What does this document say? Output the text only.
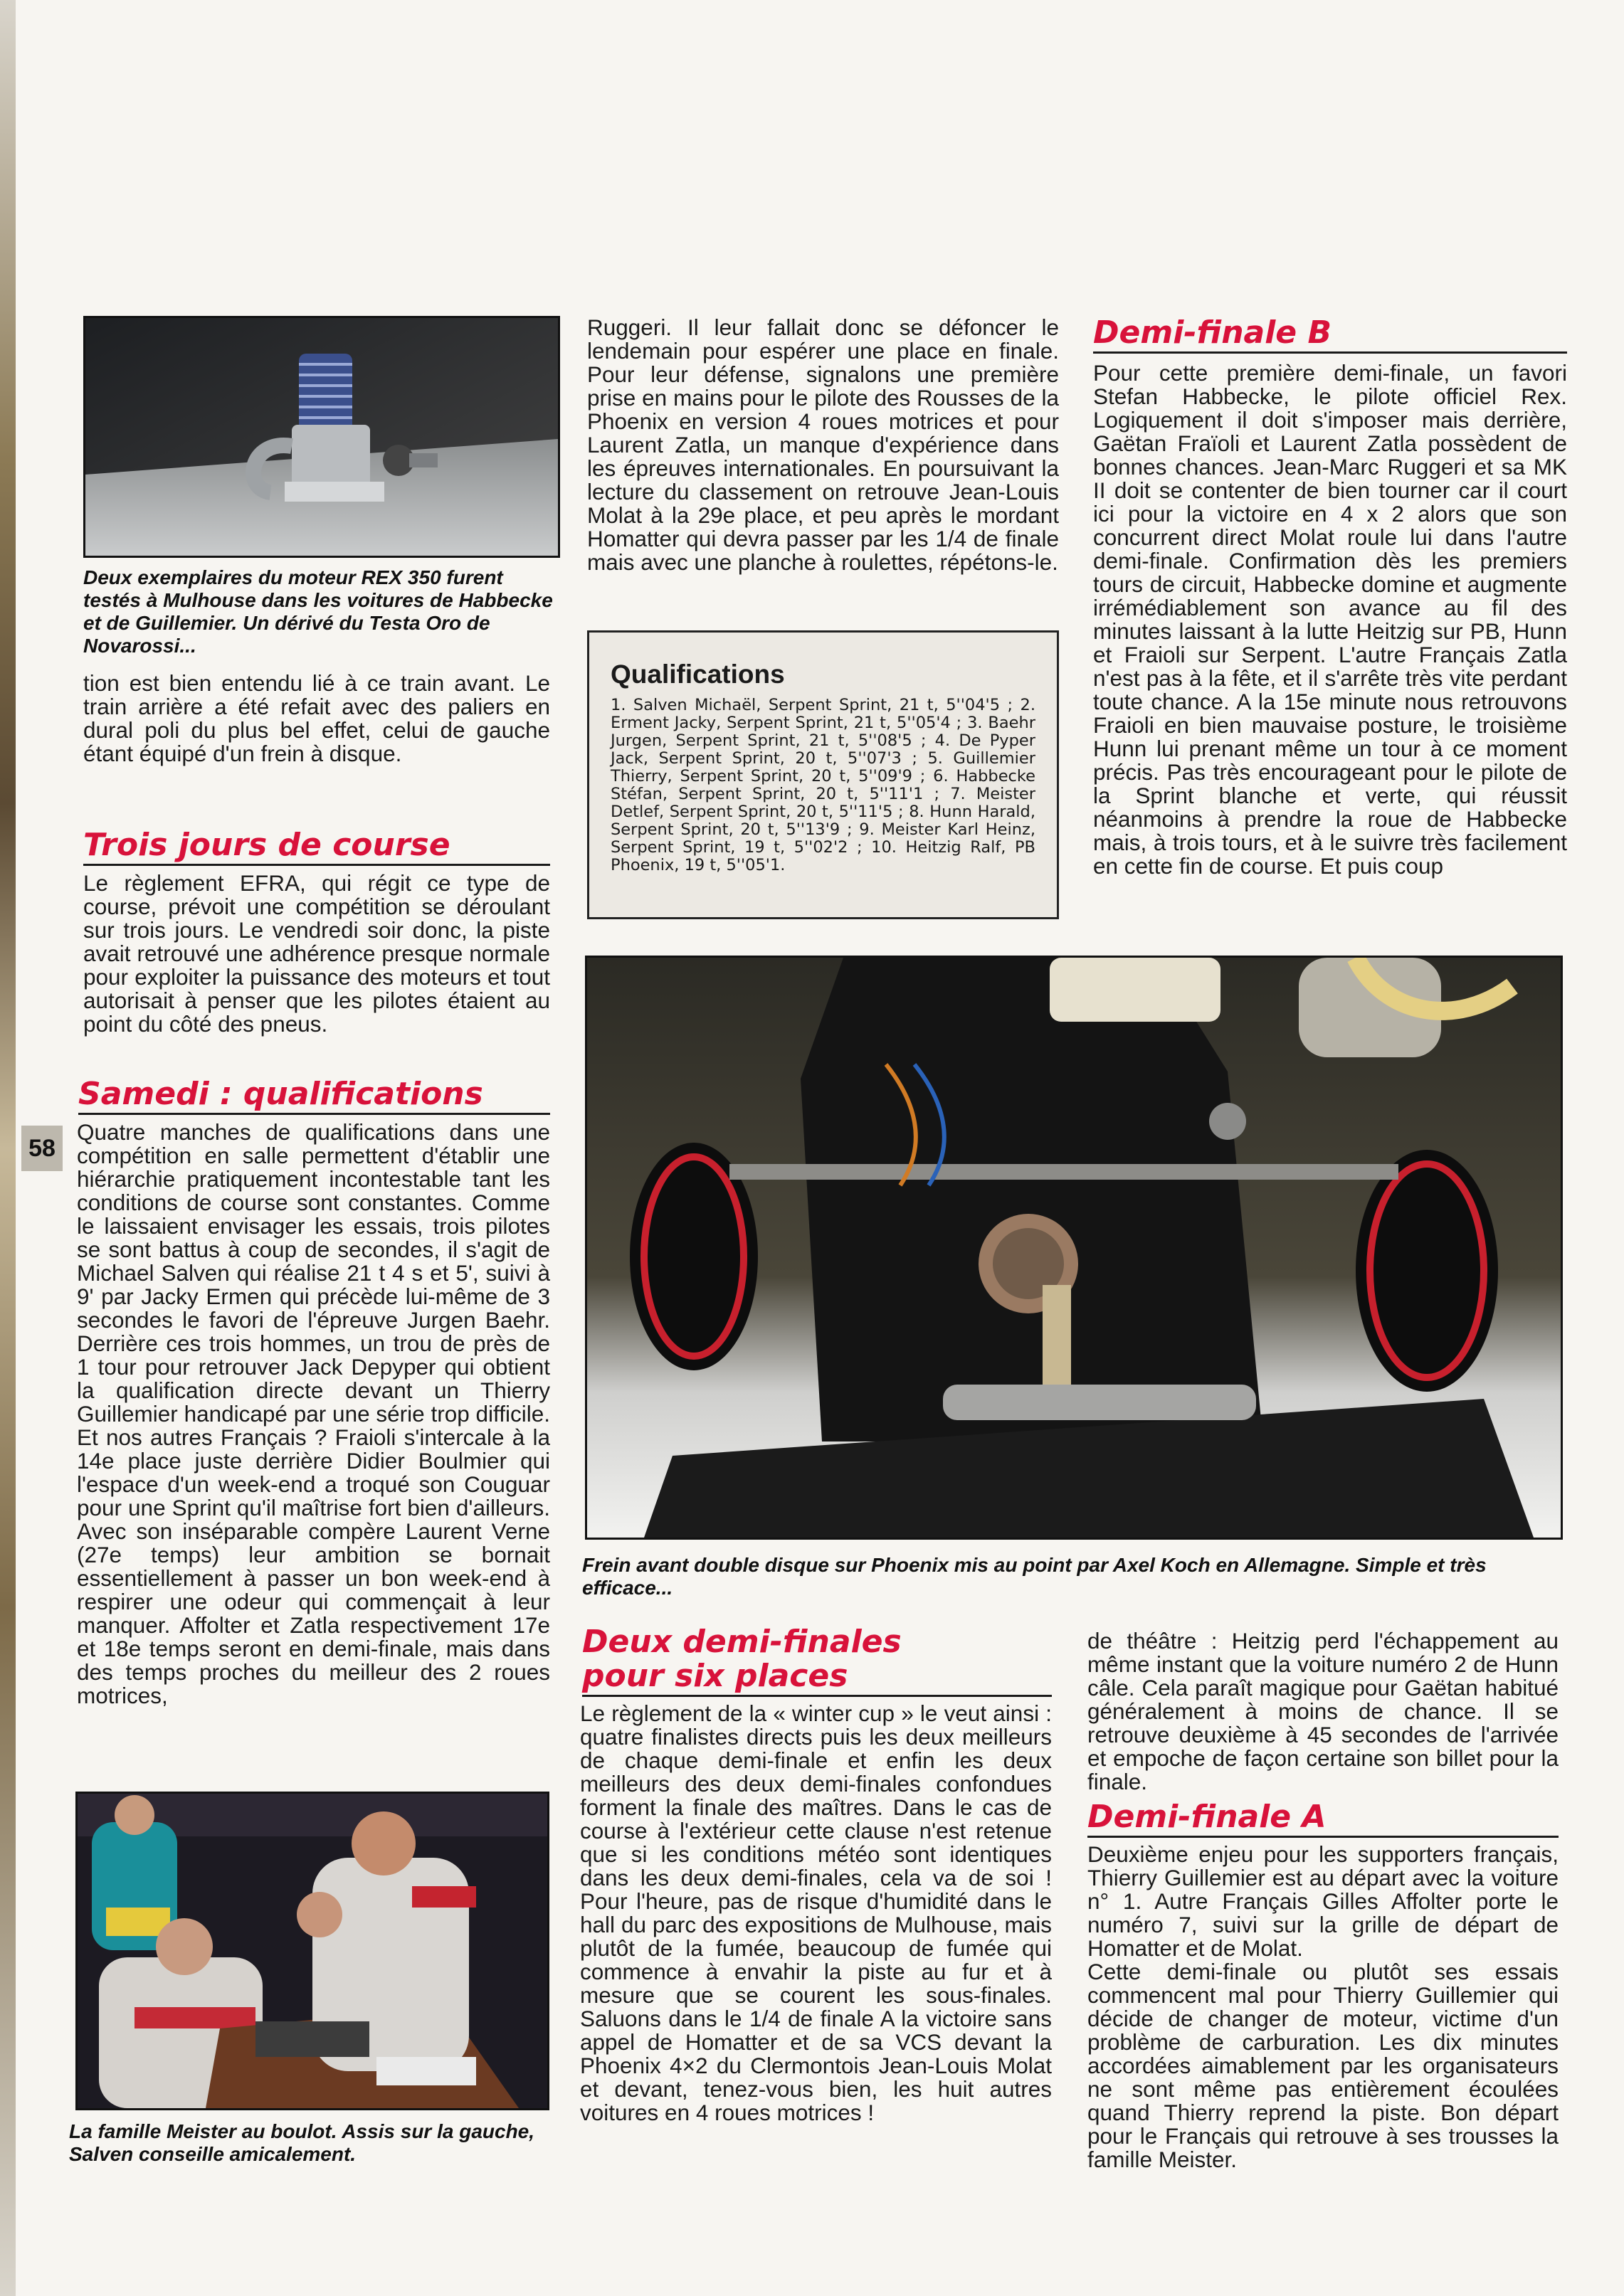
Deux exemplaires du moteur REX 350 furent testés à Mulhouse dans les voitures de Habbecke et de Guillemier. Un dérivé du Testa Oro de Novarossi...

tion est bien entendu lié à ce train avant. Le train arrière a été refait avec des paliers en dural poli du plus bel effet, celui de gauche étant équipé d'un frein à disque.

Trois jours de course

Le règlement EFRA, qui régit ce type de course, prévoit une compétition se déroulant sur trois jours. Le vendredi soir donc, la piste avait retrouvé une adhérence presque normale pour exploiter la puissance des moteurs et tout autorisait à penser que les pilotes étaient au point du côté des pneus.

Samedi : qualifications
58

Quatre manches de qualifications dans une compétition en salle permettent d'établir une hiérarchie pratiquement incontestable tant les conditions de course sont constantes. Comme le laissaient envisager les essais, trois pilotes se sont battus à coup de secondes, il s'agit de Michael Salven qui réalise 21 t 4 s et 5', suivi à 9' par Jacky Ermen qui précède lui-même de 3 secondes le favori de l'épreuve Jurgen Baehr. Derrière ces trois hommes, un trou de près de 1 tour pour retrouver Jack Depyper qui obtient la qualification directe devant un Thierry Guillemier handicapé par une série trop difficile. Et nos autres Français ? Fraioli s'intercale à la 14e place juste derrière Didier Boulmier qui l'espace d'un week-end a troqué son Couguar pour une Sprint qu'il maîtrise fort bien d'ailleurs. Avec son inséparable compère Laurent Verne (27e temps) leur ambition se bornait essentiellement à passer un bon week-end à respirer une odeur qui commençait à leur manquer. Affolter et Zatla respectivement 17e et 18e temps seront en demi-finale, mais dans des temps proches du meilleur des 2 roues motrices,

La famille Meister au boulot. Assis sur la gauche, Salven conseille amicalement.

Ruggeri. Il leur fallait donc se défoncer le lendemain pour espérer une place en finale. Pour leur défense, signalons une première prise en mains pour le pilote des Rousses de la Phoenix en version 4 roues motrices et pour Laurent Zatla, un manque d'expérience dans les épreuves internationales. En poursuivant la lecture du classement on retrouve Jean-Louis Molat à la 29e place, et peu après le mordant Homatter qui devra passer par les 1/4 de finale mais avec une planche à roulettes, répétons-le.

Qualifications
1. Salven Michaël, Serpent Sprint, 21 t, 5''04'5 ; 2. Erment Jacky, Serpent Sprint, 21 t, 5''05'4 ; 3. Baehr Jurgen, Serpent Sprint, 21 t, 5''08'5 ; 4. De Pyper Jack, Serpent Sprint, 20 t, 5''07'3 ; 5. Guillemier Thierry, Serpent Sprint, 20 t, 5''09'9 ; 6. Habbecke Stéfan, Serpent Sprint, 20 t, 5''11'1 ; 7. Meister Detlef, Serpent Sprint, 20 t, 5''11'5 ; 8. Hunn Harald, Serpent Sprint, 20 t, 5''13'9 ; 9. Meister Karl Heinz, Serpent Sprint, 19 t, 5''02'2 ; 10. Heitzig Ralf, PB Phoenix, 19 t, 5''05'1.
Frein avant double disque sur Phoenix mis au point par Axel Koch en Allemagne. Simple et très efficace...
Deux demi-finales
pour six places

Le règlement de la « winter cup » le veut ainsi : quatre finalistes directs puis les deux meilleurs de chaque demi-finale et enfin les deux meilleurs des deux demi-finales confondues forment la finale des maîtres. Dans le cas de course à l'extérieur cette clause n'est retenue que si les conditions météo sont identiques dans les deux demi-finales, cela va de soi ! Pour l'heure, pas de risque d'humidité dans le hall du parc des expositions de Mulhouse, mais plutôt de la fumée, beaucoup de fumée qui commence à envahir la piste au fur et à mesure que se courent les sous-finales. Saluons dans le 1/4 de finale A la victoire sans appel de Homatter et de sa VCS devant la Phoenix 4×2 du Clermontois Jean-Louis Molat et devant, tenez-vous bien, les huit autres voitures en 4 roues motrices !

Demi-finale B

Pour cette première demi-finale, un favori Stefan Habbecke, le pilote officiel Rex. Logiquement il doit s'imposer mais derrière, Gaëtan Fraïoli et Laurent Zatla possèdent de bonnes chances. Jean-Marc Ruggeri et sa MK II doit se contenter de bien tourner car il court ici pour la victoire en 4 x 2 alors que son concurrent direct Molat roule lui dans l'autre demi-finale. Confirmation dès les premiers tours de circuit, Habbecke domine et augmente irrémédiablement son avance au fil des minutes laissant à la lutte Heitzig sur PB, Hunn et Fraioli sur Serpent. L'autre Français Zatla n'est pas à la fête, et il s'arrête très vite perdant toute chance. A la 15e minute nous retrouvons Fraioli en bien mauvaise posture, le troisième Hunn lui prenant même un tour à ce moment précis. Pas très encourageant pour le pilote de la Sprint blanche et verte, qui réussit néanmoins à prendre la roue de Habbecke mais, à trois tours, et à le suivre très facilement en cette fin de course. Et puis coup

de théâtre : Heitzig perd l'échappement au même instant que la voiture numéro 2 de Hunn câle. Cela paraît magique pour Gaëtan habitué généralement à moins de chance. Il se retrouve deuxième à 45 secondes de l'arrivée et empoche de façon certaine son billet pour la finale.

Demi-finale A

Deuxième enjeu pour les supporters français, Thierry Guillemier est au départ avec la voiture n° 1. Autre Français Gilles Affolter porte le numéro 7, suivi sur la grille de départ de Homatter et de Molat.

Cette demi-finale ou plutôt ses essais commencent mal pour Thierry Guillemier qui décide de changer de moteur, victime d'un problème de carburation. Les dix minutes accordées aimablement par les organisateurs ne sont même pas entièrement écoulées quand Thierry reprend la piste. Bon départ pour le Français qui retrouve à ses trousses la famille Meister.
